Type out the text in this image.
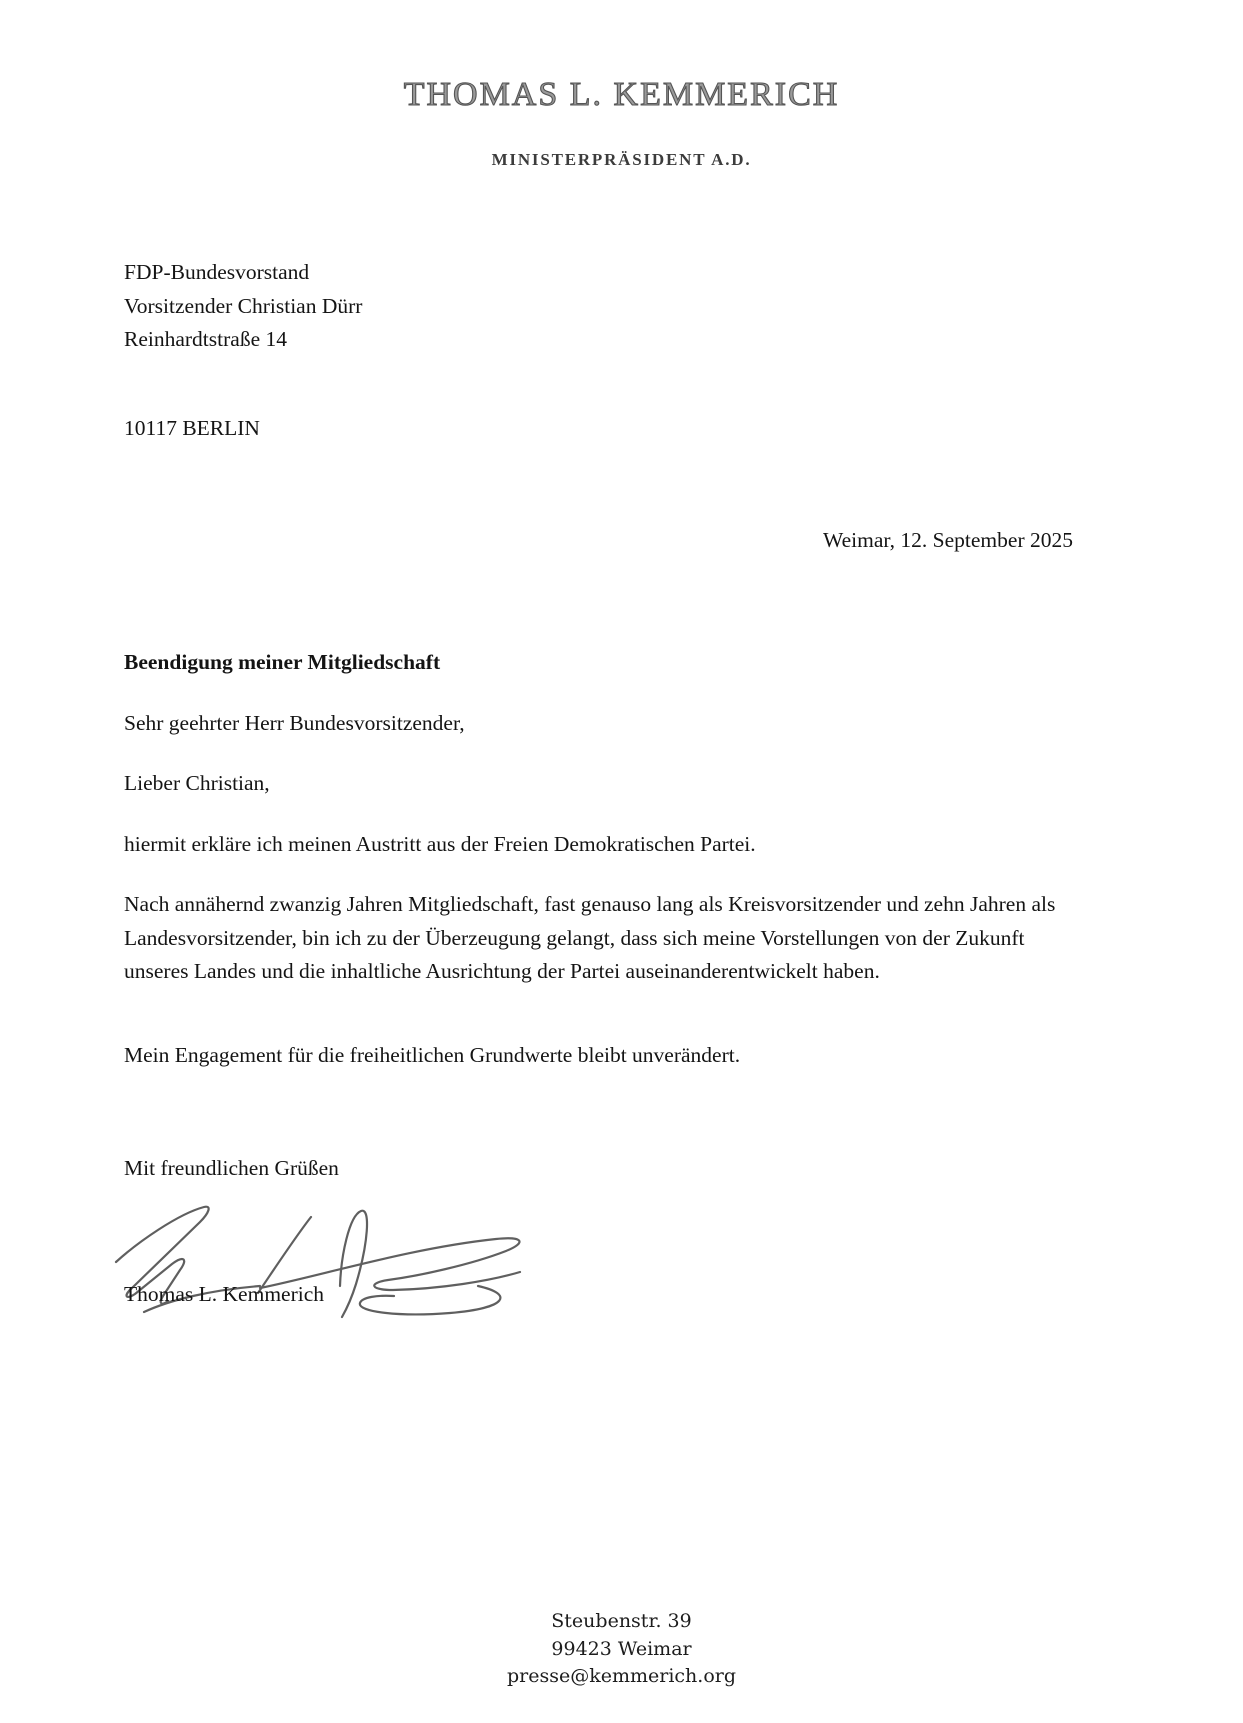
THOMAS L. KEMMERICH
MINISTERPRÄSIDENT A.D.
FDP-Bundesvorstand
Vorsitzender Christian Dürr
Reinhardtstraße 14
10117 BERLIN
Weimar, 12. September 2025
Beendigung meiner Mitgliedschaft
Sehr geehrter Herr Bundesvorsitzender,
Lieber Christian,
hiermit erkläre ich meinen Austritt aus der Freien Demokratischen Partei.
Nach annähernd zwanzig Jahren Mitgliedschaft, fast genauso lang als Kreisvorsitzender und zehn Jahren als Landesvorsitzender, bin ich zu der Überzeugung gelangt, dass sich meine Vorstellungen von der Zukunft unseres Landes und die inhaltliche Ausrichtung der Partei auseinanderentwickelt haben.
Mein Engagement für die freiheitlichen Grundwerte bleibt unverändert.
Mit freundlichen Grüßen
Thomas L. Kemmerich
Steubenstr. 39
99423 Weimar
presse@kemmerich.org
